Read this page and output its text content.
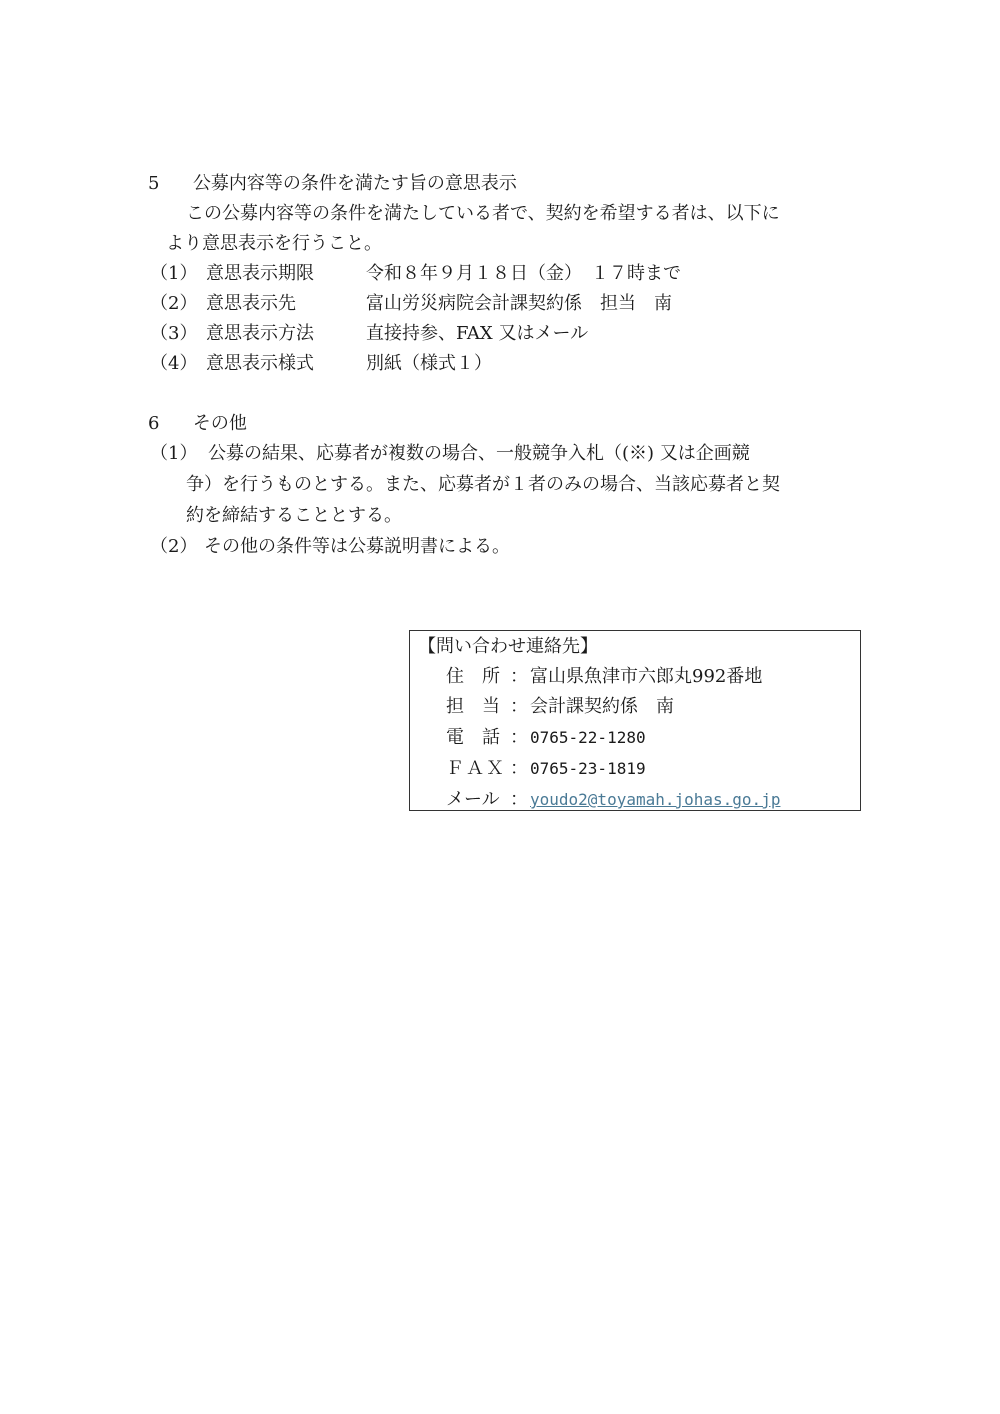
5 公募内容等の条件を満たす旨の意思表示
この公募内容等の条件を満たしている者で、契約を希望する者は、以下に
より意思表示を行うこと。
（1） 意思表示期限	令和８年９月１８日（金）　１７時まで
（2） 意思表示先	富山労災病院会計課契約係　担当　南
（3） 意思表示方法	直接持参、FAX 又はメール
（4） 意思表示様式	別紙（様式１）
6 その他
（1） 公募の結果、応募者が複数の場合、一般競争入札（(※) 又は企画競
争）を行うものとする。また、応募者が１者のみの場合、当該応募者と契
約を締結することとする。
（2） その他の条件等は公募説明書による。
【問い合わせ連絡先】
住　所 ： 富山県魚津市六郎丸992番地
担　当 ： 会計課契約係　南
電　話 ： 0765-22-1280
ＦＡＸ ： 0765-23-1819
メール ： youdo2@toyamah.johas.go.jp
